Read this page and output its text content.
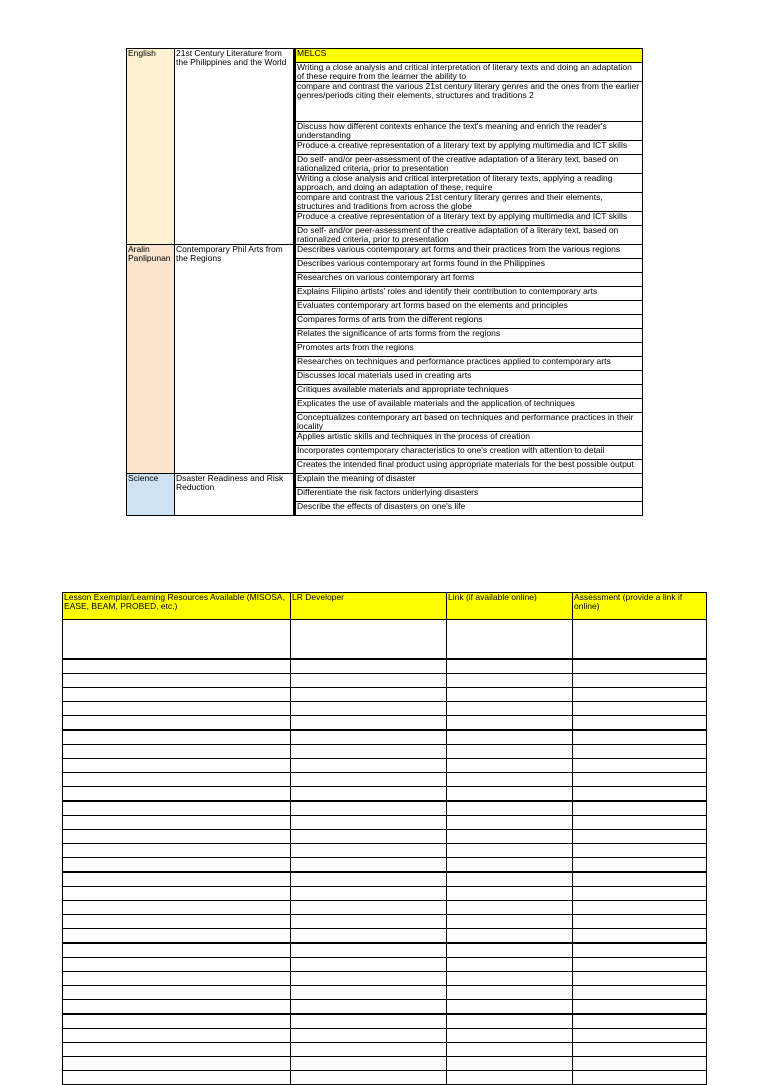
English	21st Century Literature from the Philippines and the World	MELCS
		Writing a close analysis and critical interpretation of literary texts and doing an adaptation of these require from the learner the ability to
		compare and contrast the various 21st century literary genres and the ones from the earlier genres/periods citing their elements, structures and traditions 2
		Discuss how different contexts enhance the text's meaning and enrich the reader's understanding
		Produce a creative representation of a literary text by applying multimedia and ICT skills
		Do self- and/or peer-assessment of the creative adaptation of a literary text, based on rationalized criteria, prior to presentation
		Writing a close analysis and critical interpretation of literary texts, applying a reading approach, and doing an adaptation of these, require
		compare and contrast the various 21st century literary genres and their elements, structures and traditions from across the globe
		Produce a creative representation of a literary text by applying multimedia and ICT skills
		Do self- and/or peer-assessment of the creative adaptation of a literary text, based on rationalized criteria, prior to presentation
Aralin Panlipunan	Contemporary Phil Arts from the Regions	Describes various contemporary art forms and their practices from the various regions
		Describes various contemporary art forms found in the Philippines
		Researches on various contemporary art forms
		Explains Filipino artists' roles and identify their contribution to contemporary arts
		Evaluates contemporary art forms based on the elements and principles
		Compares forms of arts from the different regions
		Relates the significance of arts forms from the regions
		Promotes arts from the regions
		Researches on techniques and performance practices applied to contemporary arts
		Discusses local materials used in creating arts
		Critiques available materials and appropriate techniques
		Explicates the use of available materials and the application of techniques
		Conceptualizes contemporary art based on techniques and performance practices in their locality
		Applies artistic skills and techniques in the process of creation
		Incorporates contemporary characteristics to one's creation with attention to detail
		Creates the intended final product using appropriate materials for the best possible output
Science	Dsaster Readiness and Risk Reduction	Explain the meaning of disaster
		Differentiate the risk factors underlying disasters
		Describe the effects of disasters on one's life
Lesson Exemplar/Learning Resources Available (MISOSA, EASE, BEAM, PROBED, etc.)	LR Developer	Link (if available online)	Assessment (provide a link if online)
